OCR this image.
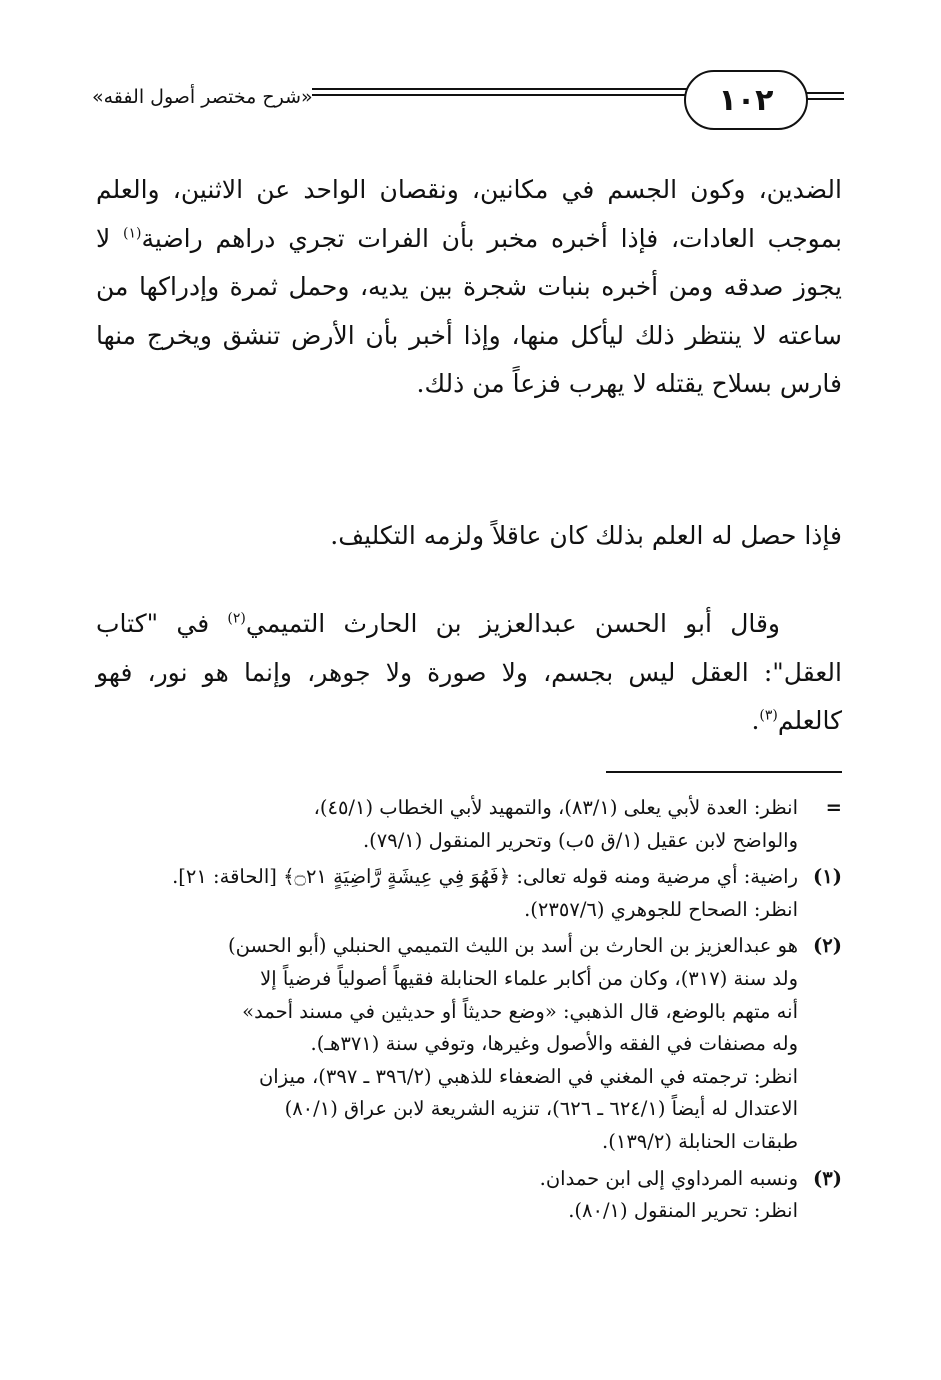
«شرح مختصر أصول الفقه»	١٠٢

الضدين، وكون الجسم في مكانين، ونقصان الواحد عن الاثنين، والعلم بموجب العادات، فإذا أخبره مخبر بأن الفرات تجري دراهم راضية$^{(١)}$ لا يجوز صدقه ومن أخبره بنبات شجرة بين يديه، وحمل ثمرة وإدراكها من ساعته لا ينتظر ذلك ليأكل منها، وإذا أخبر بأن الأرض تنشق ويخرج منها فارس بسلاح يقتله لا يهرب فزعاً من ذلك.

فإذا حصل له العلم بذلك كان عاقلاً ولزمه التكليف.

وقال أبو الحسن عبدالعزيز بن الحارث التميمي$^{(٢)}$ في "كتاب العقل": العقل ليس بجسم، ولا صورة ولا جوهر، وإنما هو نور، فهو كالعلم$^{(٣)}$.

=

انظر: العدة لأبي يعلى (٨٣/١)، والتمهيد لأبي الخطاب (٤٥/١)،

والواضح لابن عقيل (١/ق ٥ب) وتحرير المنقول (٧٩/١).

(١)

راضية: أي مرضية ومنه قوله تعالى: ﴿فَهُوَ فِي عِيشَةٍ رَّاضِيَةٍ ۝٢١﴾ [الحاقة: ٢١].

انظر: الصحاح للجوهري (٢٣٥٧/٦).

(٢)

هو عبدالعزيز بن الحارث بن أسد بن الليث التميمي الحنبلي (أبو الحسن)

ولد سنة (٣١٧)، وكان من أكابر علماء الحنابلة فقيهاً أصولياً فرضياً إلا

أنه متهم بالوضع، قال الذهبي: «وضع حديثاً أو حديثين في مسند أحمد»

وله مصنفات في الفقه والأصول وغيرها، وتوفي سنة (٣٧١هـ).

انظر: ترجمته في المغني في الضعفاء للذهبي (٣٩٦/٢ ـ ٣٩٧)، ميزان

الاعتدال له أيضاً (٦٢٤/١ ـ ٦٢٦)، تنزيه الشريعة لابن عراق (٨٠/١)

طبقات الحنابلة (١٣٩/٢).

(٣)

ونسبه المرداوي إلى ابن حمدان.

انظر: تحرير المنقول (٨٠/١).
